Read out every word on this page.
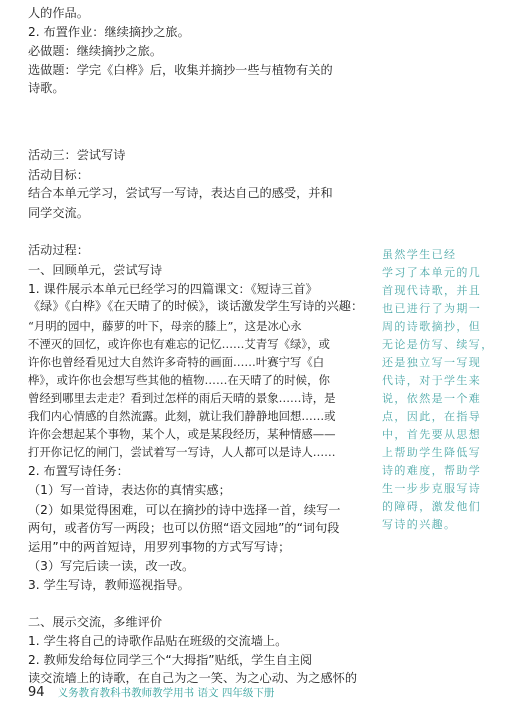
人的作品。
2. 布置作业：继续摘抄之旅。
必做题：继续摘抄之旅。
选做题：学完《白桦》后，收集并摘抄一些与植物有关的
诗歌。
活动三：尝试写诗
活动目标：
结合本单元学习，尝试写一写诗，表达自己的感受，并和
同学交流。
活动过程：
一、回顾单元，尝试写诗
1. 课件展示本单元已经学习的四篇课文：《短诗三首》
《绿》《白桦》《在天晴了的时候》，谈话激发学生写诗的兴趣：
“月明的园中，藤萝的叶下，母亲的膝上”，这是冰心永
不湮灭的回忆，或许你也有难忘的记忆……艾青写《绿》，或
许你也曾经看见过大自然许多奇特的画面……叶赛宁写《白
桦》，或许你也会想写些其他的植物……在天晴了的时候，你
曾经到哪里去走走？看到过怎样的雨后天晴的景象……诗，是
我们内心情感的自然流露。此刻，就让我们静静地回想……或
许你会想起某个事物，某个人，或是某段经历，某种情感——
打开你记忆的闸门，尝试着写一写诗，人人都可以是诗人……
2. 布置写诗任务：
（1）写一首诗，表达你的真情实感；
（2）如果觉得困难，可以在摘抄的诗中选择一首，续写一
两句，或者仿写一两段；也可以仿照“语文园地”的“词句段
运用”中的两首短诗，用罗列事物的方式写写诗；
（3）写完后读一读，改一改。
3. 学生写诗，教师巡视指导。
二、展示交流，多维评价
1. 学生将自己的诗歌作品贴在班级的交流墙上。
2. 教师发给每位同学三个“大拇指”贴纸，学生自主阅
读交流墙上的诗歌，在自己为之一笑、为之心动、为之感怀的
虽然学生已经
学习了本单元的几
首现代诗歌，并且
也已进行了为期一
周的诗歌摘抄，但
无论是仿写、续写，
还是独立写一写现
代诗，对于学生来
说，依然是一个难
点，因此，在指导
中，首先要从思想
上帮助学生降低写
诗的难度，帮助学
生一步步克服写诗
的障碍，激发他们
写诗的兴趣。
94 义务教育教科书教师教学用书 语文 四年级下册
